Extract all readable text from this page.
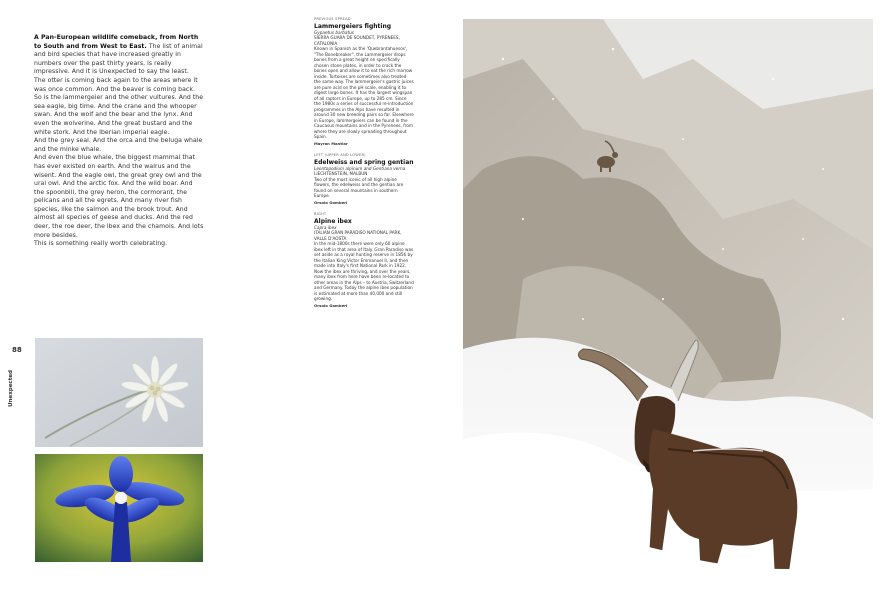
A Pan-European wildlife comeback, from North to South and from West to East. The list of animal and bird species that have increased greatly in numbers over the past thirty years, is really impressive. And it is Unexpected to say the least.

The otter is coming back again to the areas where it was once common. And the beaver is coming back. So is the lammergeier and the other vultures. And the sea eagle, big time. And the crane and the whooper swan. And the wolf and the bear and the lynx. And even the wolverine. And the great bustard and the white stork. And the Iberian imperial eagle.

And the grey seal. And the orca and the beluga whale and the minke whale.

And even the blue whale, the biggest mammal that has ever existed on earth. And the walrus and the wisent. And the eagle owl, the great grey owl and the ural owl. And the arctic fox. And the wild boar. And the spoonbill, the grey heron, the cormorant, the pelicans and all the egrets. And many river fish species, like the salmon and the brook trout. And almost all species of geese and ducks. And the red deer, the roe deer, the ibex and the chamois. And lots more besides.

This is something really worth celebrating.

88
Unexpected
PREVIOUS SPREAD
Lammergeiers fighting
Gypaetus barbatus
SIERRA GUARA DE SOUNDET, PYRENEES, CATALONIA

Known in Spanish as the 'Quebrantahuesos', "The Bonebreaker", the Lammergeier drops bones from a great height on specifically chosen stone plates, in order to crack the bones open and allow it to eat the rich marrow inside. Tortoises are sometimes also treated the same way. The lammergeier's gastric juices are pure acid on the pH scale, enabling it to digest large bones. It has the largest wingspan of all raptors in Europe, up to 285 cm. Since the 1980s a series of successful re-introduction programmes in the Alps have resulted in around 30 new breeding pairs so far. Elsewhere in Europe, lammergeiers can be found in the Caucasus mountains and in the Pyrenees, from where they are slowly spreading throughout Spain.

Mayron Mantlar
LEFT (UPPER AND LOWER)
Edelweiss and spring gentian
Leontopodium alpinum and Gentiana verna
LIECHTENSTEIN, MALBUN

Two of the most iconic of all high alpine flowers, the edelweiss and the gentian are found on several mountains in southern Europe.

Orsolo Gomberi
RIGHT
Alpine ibex
Capra ibex
ITALIAN GRAN PARADISO NATIONAL PARK, VALLE D'AOSTA

In the mid-1800s there were only 60 alpine ibex left in that area of Italy. Gran Paradiso was set aside as a royal hunting reserve in 1856 by the Italian King Victor Emmanuel II, and then made into Italy's first National Park in 1922. Now the ibex are thriving, and over the years, many ibex from here have been re-located to other areas in the Alps – to Austria, Switzerland and Germany. Today the alpine ibex population is estimated at more than 40,000 and still growing.

Orsolo Gomberi
